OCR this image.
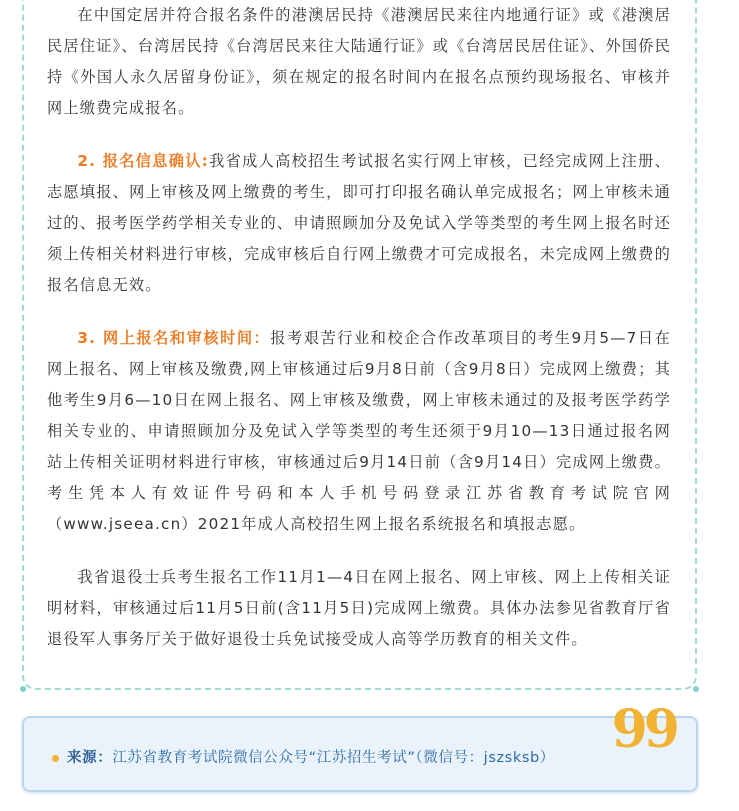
在中国定居并符合报名条件的港澳居民持《港澳居民来往内地通行证》或《港澳居民居住证》、台湾居民持《台湾居民来往大陆通行证》或《台湾居民居住证》、外国侨民持《外国人永久居留身份证》，须在规定的报名时间内在报名点预约现场报名、审核并网上缴费完成报名。

2. 报名信息确认:我省成人高校招生考试报名实行网上审核，已经完成网上注册、志愿填报、网上审核及网上缴费的考生，即可打印报名确认单完成报名；网上审核未通过的、报考医学药学相关专业的、申请照顾加分及免试入学等类型的考生网上报名时还须上传相关材料进行审核，完成审核后自行网上缴费才可完成报名，未完成网上缴费的报名信息无效。

3. 网上报名和审核时间：报考艰苦行业和校企合作改革项目的考生9月5—7日在网上报名、网上审核及缴费,网上审核通过后9月8日前（含9月8日）完成网上缴费；其他考生9月6—10日在网上报名、网上审核及缴费，网上审核未通过的及报考医学药学相关专业的、申请照顾加分及免试入学等类型的考生还须于9月10—13日通过报名网站上传相关证明材料进行审核，审核通过后9月14日前（含9月14日）完成网上缴费。考生凭本人有效证件号码和本人手机号码登录江苏省教育考试院官网（www.jseea.cn）2021年成人高校招生网上报名系统报名和填报志愿。

我省退役士兵考生报名工作11月1—4日在网上报名、网上审核、网上上传相关证明材料，审核通过后11月5日前(含11月5日)完成网上缴费。具体办法参见省教育厅省退役军人事务厅关于做好退役士兵免试接受成人高等学历教育的相关文件。

99
来源：江苏省教育考试院微信公众号“江苏招生考试”（微信号：jszsksb）
